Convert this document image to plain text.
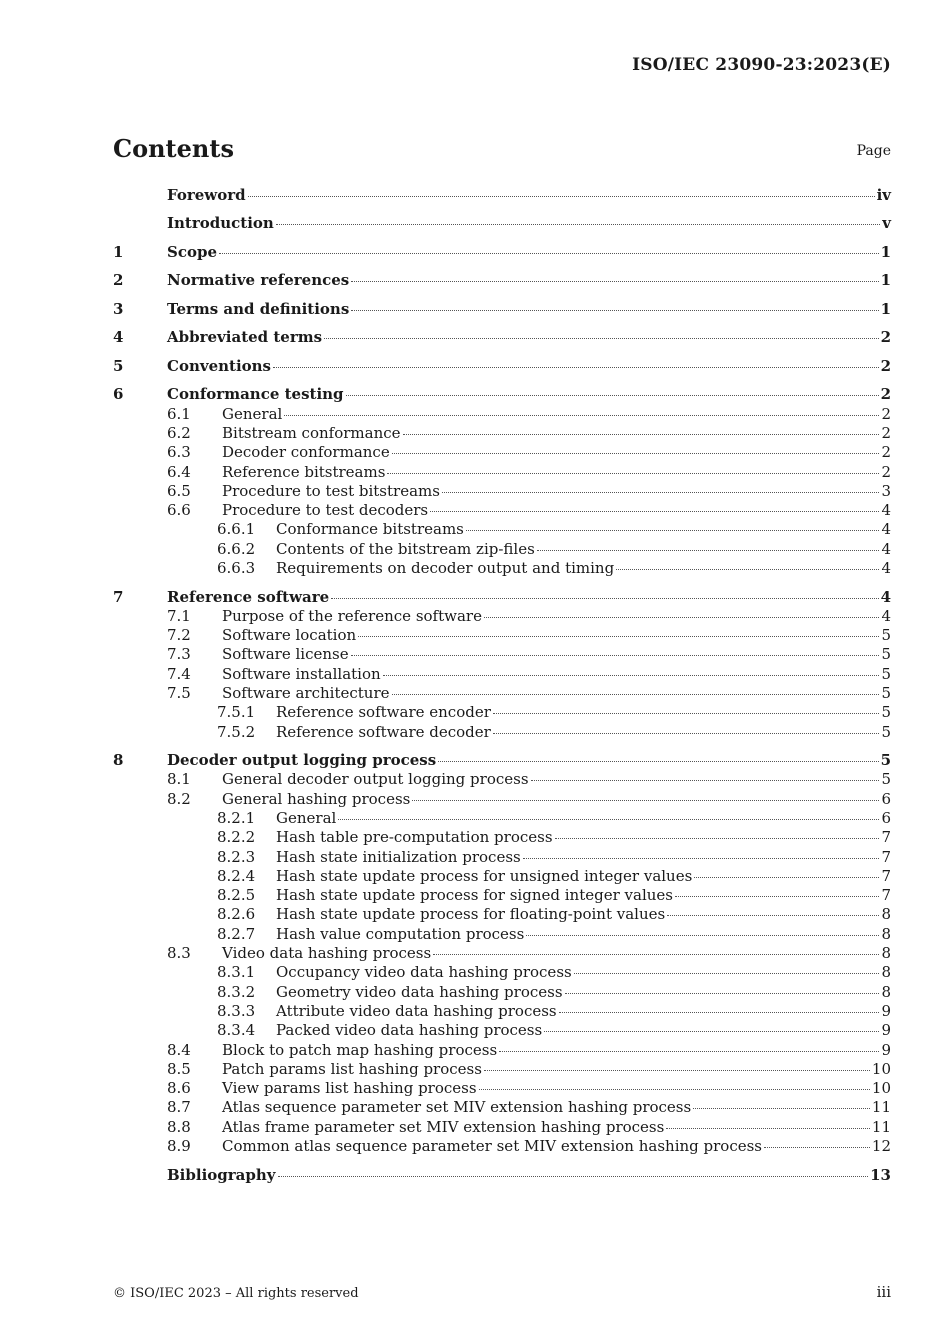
ISO/IEC 23090-23:2023(E)
Contents	Page
Foreword	iv
Introduction	v
1	Scope	1
2	Normative references	1
3	Terms and definitions	1
4	Abbreviated terms	2
5	Conventions	2
6	Conformance testing	2
6.1	General	2
6.2	Bitstream conformance	2
6.3	Decoder conformance	2
6.4	Reference bitstreams	2
6.5	Procedure to test bitstreams	3
6.6	Procedure to test decoders	4
6.6.1	Conformance bitstreams	4
6.6.2	Contents of the bitstream zip-files	4
6.6.3	Requirements on decoder output and timing	4
7	Reference software	4
7.1	Purpose of the reference software	4
7.2	Software location	5
7.3	Software license	5
7.4	Software installation	5
7.5	Software architecture	5
7.5.1	Reference software encoder	5
7.5.2	Reference software decoder	5
8	Decoder output logging process	5
8.1	General decoder output logging process	5
8.2	General hashing process	6
8.2.1	General	6
8.2.2	Hash table pre-computation process	7
8.2.3	Hash state initialization process	7
8.2.4	Hash state update process for unsigned integer values	7
8.2.5	Hash state update process for signed integer values	7
8.2.6	Hash state update process for floating-point values	8
8.2.7	Hash value computation process	8
8.3	Video data hashing process	8
8.3.1	Occupancy video data hashing process	8
8.3.2	Geometry video data hashing process	8
8.3.3	Attribute video data hashing process	9
8.3.4	Packed video data hashing process	9
8.4	Block to patch map hashing process	9
8.5	Patch params list hashing process	10
8.6	View params list hashing process	10
8.7	Atlas sequence parameter set MIV extension hashing process	11
8.8	Atlas frame parameter set MIV extension hashing process	11
8.9	Common atlas sequence parameter set MIV extension hashing process	12
Bibliography	13
© ISO/IEC 2023 – All rights reserved	iii
